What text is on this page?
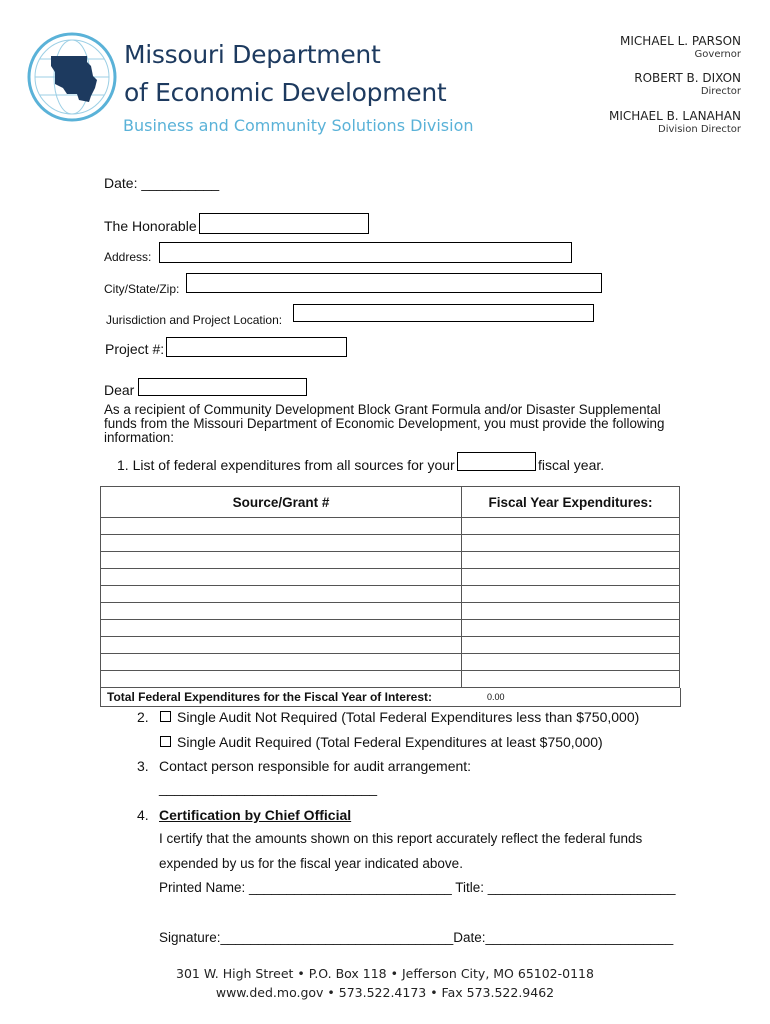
Missouri Department
of Economic Development
Business and Community Solutions Division
MICHAEL L. PARSON
Governor
ROBERT B. DIXON
Director
MICHAEL B. LANAHAN
Division Director
Date: __________
The Honorable
Address:
City/State/Zip:
Jurisdiction and Project Location:
Project #:
Dear
As a recipient of Community Development Block Grant Formula and/or Disaster Supplemental funds from the Missouri Department of Economic Development, you must provide the following information:
1. List of federal expenditures from all sources for your	fiscal year.
Source/Grant #	Fiscal Year Expenditures:

Total Federal Expenditures for the Fiscal Year of Interest:	0.00
2.	Single Audit Not Required (Total Federal Expenditures less than $750,000)
Single Audit Required (Total Federal Expenditures at least $750,000)
3. Contact person responsible for audit arrangement:
____________________________
4. Certification by Chief Official
I certify that the amounts shown on this report accurately reflect the federal funds
expended by us for the fiscal year indicated above.
Printed Name: ___________________________ Title: _________________________
Signature:_______________________________Date:_________________________
301 W. High Street • P.O. Box 118 • Jefferson City, MO 65102-0118
www.ded.mo.gov • 573.522.4173 • Fax 573.522.9462
